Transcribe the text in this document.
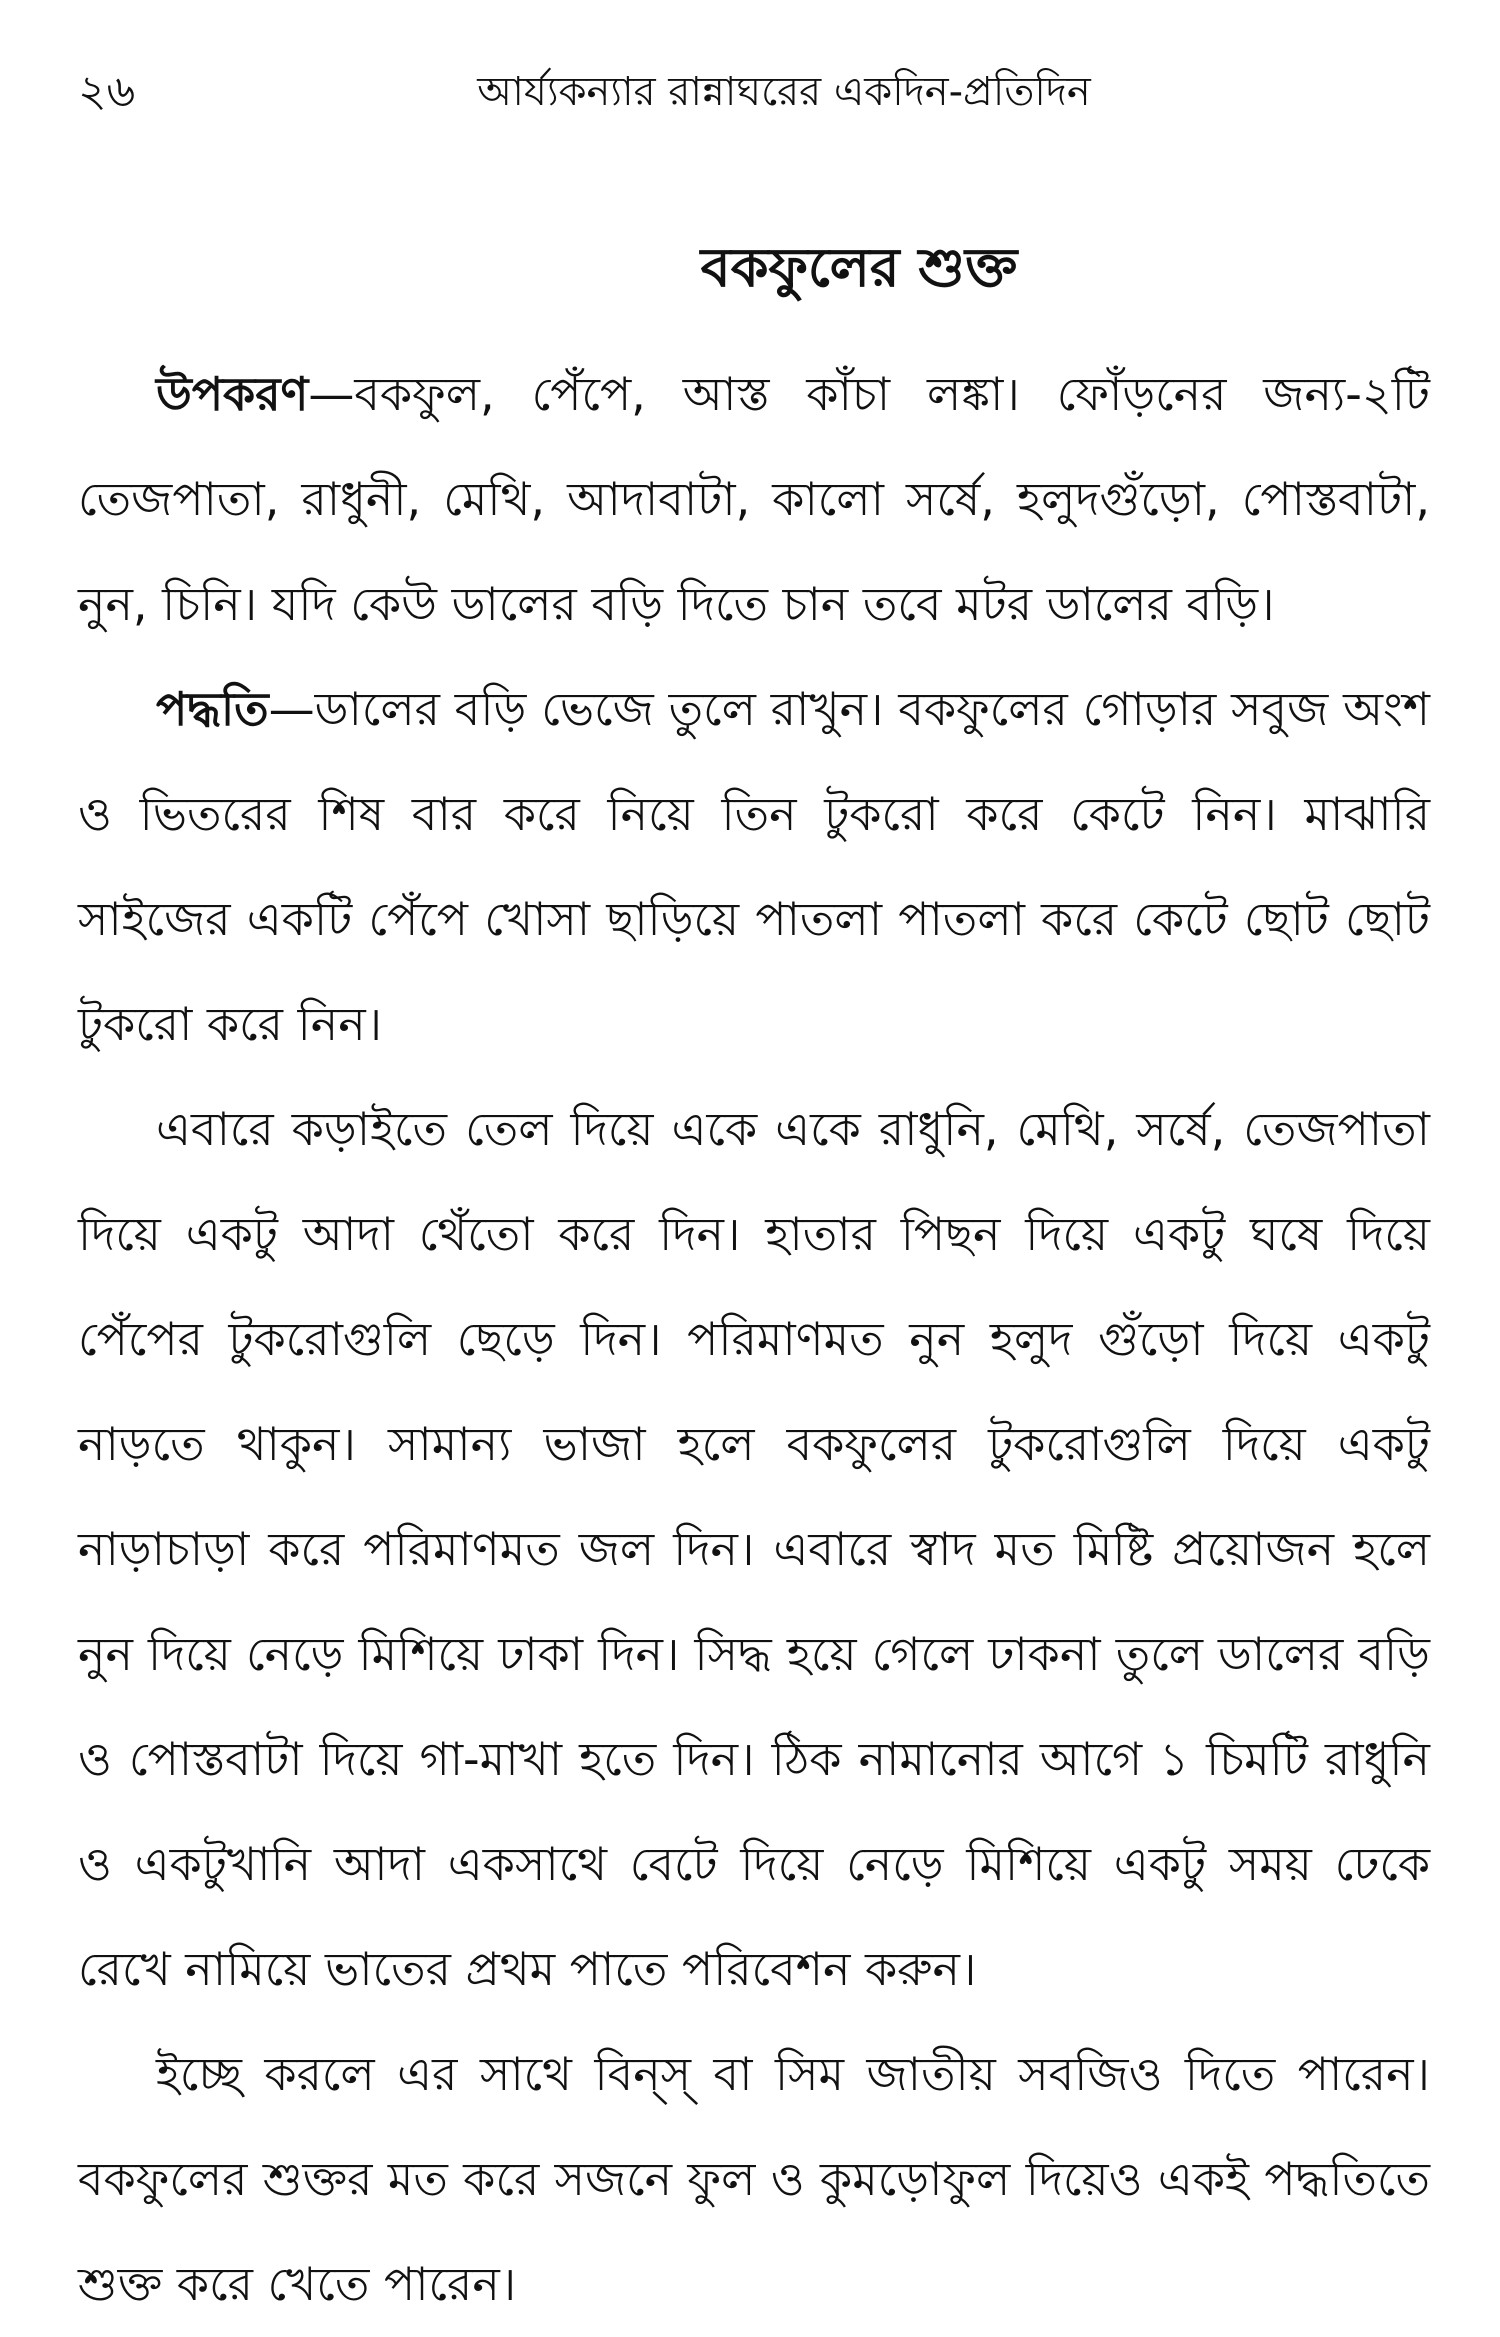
২৬	আর্য্যকন্যার রান্নাঘরের একদিন-প্রতিদিন
বকফুলের শুক্ত

উপকরণ—বকফুল, পেঁপে, আস্ত কাঁচা লঙ্কা। ফোঁড়নের জন্য-২টি তেজপাতা, রাধুনী, মেথি, আদাবাটা, কালো সর্ষে, হলুদগুঁড়ো, পোস্তবাটা, নুন, চিনি। যদি কেউ ডালের বড়ি দিতে চান তবে মটর ডালের বড়ি।

পদ্ধতি—ডালের বড়ি ভেজে তুলে রাখুন। বকফুলের গোড়ার সবুজ অংশ ও ভিতরের শিষ বার করে নিয়ে তিন টুকরো করে কেটে নিন। মাঝারি সাইজের একটি পেঁপে খোসা ছাড়িয়ে পাতলা পাতলা করে কেটে ছোট ছোট টুকরো করে নিন।

এবারে কড়াইতে তেল দিয়ে একে একে রাধুনি, মেথি, সর্ষে, তেজপাতা দিয়ে একটু আদা থেঁতো করে দিন। হাতার পিছন দিয়ে একটু ঘষে দিয়ে পেঁপের টুকরোগুলি ছেড়ে দিন। পরিমাণমত নুন হলুদ গুঁড়ো দিয়ে একটু নাড়তে থাকুন। সামান্য ভাজা হলে বকফুলের টুকরোগুলি দিয়ে একটু নাড়াচাড়া করে পরিমাণমত জল দিন। এবারে স্বাদ মত মিষ্টি প্রয়োজন হলে নুন দিয়ে নেড়ে মিশিয়ে ঢাকা দিন। সিদ্ধ হয়ে গেলে ঢাকনা তুলে ডালের বড়ি ও পোস্তবাটা দিয়ে গা-মাখা হতে দিন। ঠিক নামানোর আগে ১ চিমটি রাধুনি ও একটুখানি আদা একসাথে বেটে দিয়ে নেড়ে মিশিয়ে একটু সময় ঢেকে রেখে নামিয়ে ভাতের প্রথম পাতে পরিবেশন করুন।

ইচ্ছে করলে এর সাথে বিন্‌স্ বা সিম জাতীয় সবজিও দিতে পারেন। বকফুলের শুক্তর মত করে সজনে ফুল ও কুমড়োফুল দিয়েও একই পদ্ধতিতে শুক্ত করে খেতে পারেন।
